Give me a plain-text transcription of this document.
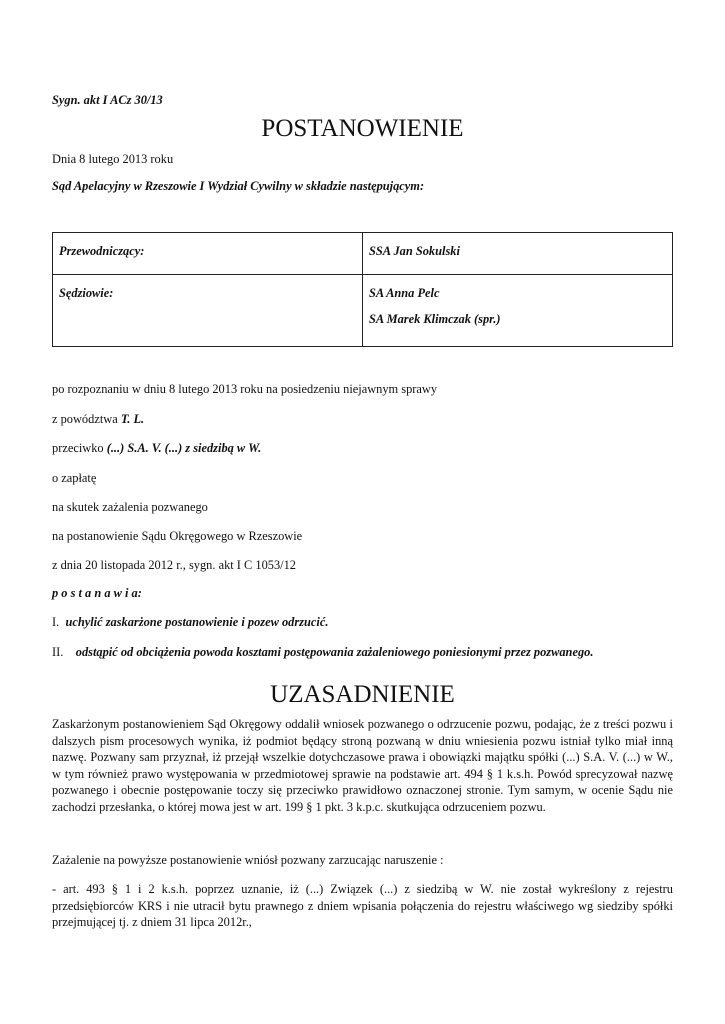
Sygn. akt I ACz 30/13
POSTANOWIENIE
Dnia 8 lutego 2013 roku
Sąd Apelacyjny w Rzeszowie I Wydział Cywilny w składzie następującym:
Przewodniczący:	SSA Jan Sokulski
Sędziowie:	SA Anna Pelc
SA Marek Klimczak (spr.)
po rozpoznaniu w dniu 8 lutego 2013 roku na posiedzeniu niejawnym sprawy
z powództwa T. L.
przeciwko (...) S.A. V. (...) z siedzibą w W.
o zapłatę
na skutek zażalenia pozwanego
na postanowienie Sądu Okręgowego w Rzeszowie
z dnia 20 listopada 2012 r., sygn. akt I C 1053/12
p o s t a n a w i a:
I. uchylić zaskarżone postanowienie i pozew odrzucić.
II. odstąpić od obciążenia powoda kosztami postępowania zażaleniowego poniesionymi przez pozwanego.
UZASADNIENIE
Zaskarżonym postanowieniem Sąd Okręgowy oddalił wniosek pozwanego o odrzucenie pozwu, podając, że z treści pozwu i dalszych pism procesowych wynika, iż podmiot będący stroną pozwaną w dniu wniesienia pozwu istniał tylko miał inną nazwę. Pozwany sam przyznał, iż przejął wszelkie dotychczasowe prawa i obowiązki majątku spółki (...) S.A. V. (...) w W., w tym również prawo występowania w przedmiotowej sprawie na podstawie art. 494 § 1 k.s.h. Powód sprecyzował nazwę pozwanego i obecnie postępowanie toczy się przeciwko prawidłowo oznaczonej stronie. Tym samym, w ocenie Sądu nie zachodzi przesłanka, o której mowa jest w art. 199 § 1 pkt. 3 k.p.c. skutkująca odrzuceniem pozwu.
Zażalenie na powyższe postanowienie wniósł pozwany zarzucając naruszenie :
- art. 493 § 1 i 2 k.s.h. poprzez uznanie, iż (...) Związek (...) z siedzibą w W. nie został wykreślony z rejestru przedsiębiorców KRS i nie utracił bytu prawnego z dniem wpisania połączenia do rejestru właściwego wg siedziby spółki przejmującej tj. z dniem 31 lipca 2012r.,
